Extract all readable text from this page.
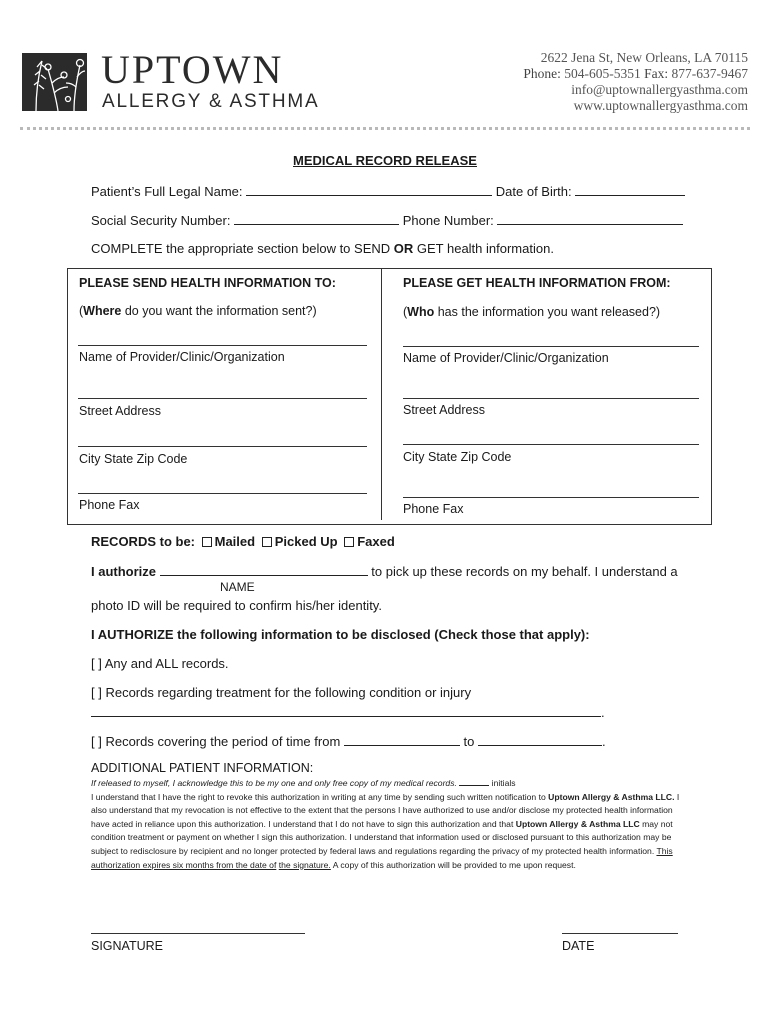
UPTOWN
ALLERGY & ASTHMA
2622 Jena St, New Orleans, LA 70115
Phone: 504-605-5351 Fax: 877-637-9467
info@uptownallergyasthma.com
www.uptownallergyasthma.com
MEDICAL RECORD RELEASE
Patient’s Full Legal Name:	Date of Birth:
Social Security Number:	Phone Number:
COMPLETE the appropriate section below to SEND OR GET health information.
PLEASE SEND HEALTH INFORMATION TO:
(Where do you want the information sent?)
Name of Provider/Clinic/Organization
Street Address
City State Zip Code
Phone Fax
PLEASE GET HEALTH INFORMATION FROM:
(Who has the information you want released?)
Name of Provider/Clinic/Organization
Street Address
City State Zip Code
Phone Fax
RECORDS to be: Mailed Picked Up Faxed
I authorize	to pick up these records on my behalf. I understand a
NAME
photo ID will be required to confirm his/her identity.
I AUTHORIZE the following information to be disclosed (Check those that apply):
[ ] Any and ALL records.
[ ] Records regarding treatment for the following condition or injury
.
[ ] Records covering the period of time from	to	.
ADDITIONAL PATIENT INFORMATION:
If released to myself, I acknowledge this to be my one and only free copy of my medical records.	initials
I understand that I have the right to revoke this authorization in writing at any time by sending such written notification to Uptown Allergy & Asthma LLC. I also understand that my revocation is not effective to the extent that the persons I have authorized to use and/or disclose my protected health information have acted in reliance upon this authorization. I understand that I do not have to sign this authorization and that Uptown Allergy & Asthma LLC may not condition treatment or payment on whether I sign this authorization. I understand that information used or disclosed pursuant to this authorization may be subject to redisclosure by recipient and no longer protected by federal laws and regulations regarding the privacy of my protected health information. This authorization expires six months from the date of the signature. A copy of this authorization will be provided to me upon request.
SIGNATURE	DATE
